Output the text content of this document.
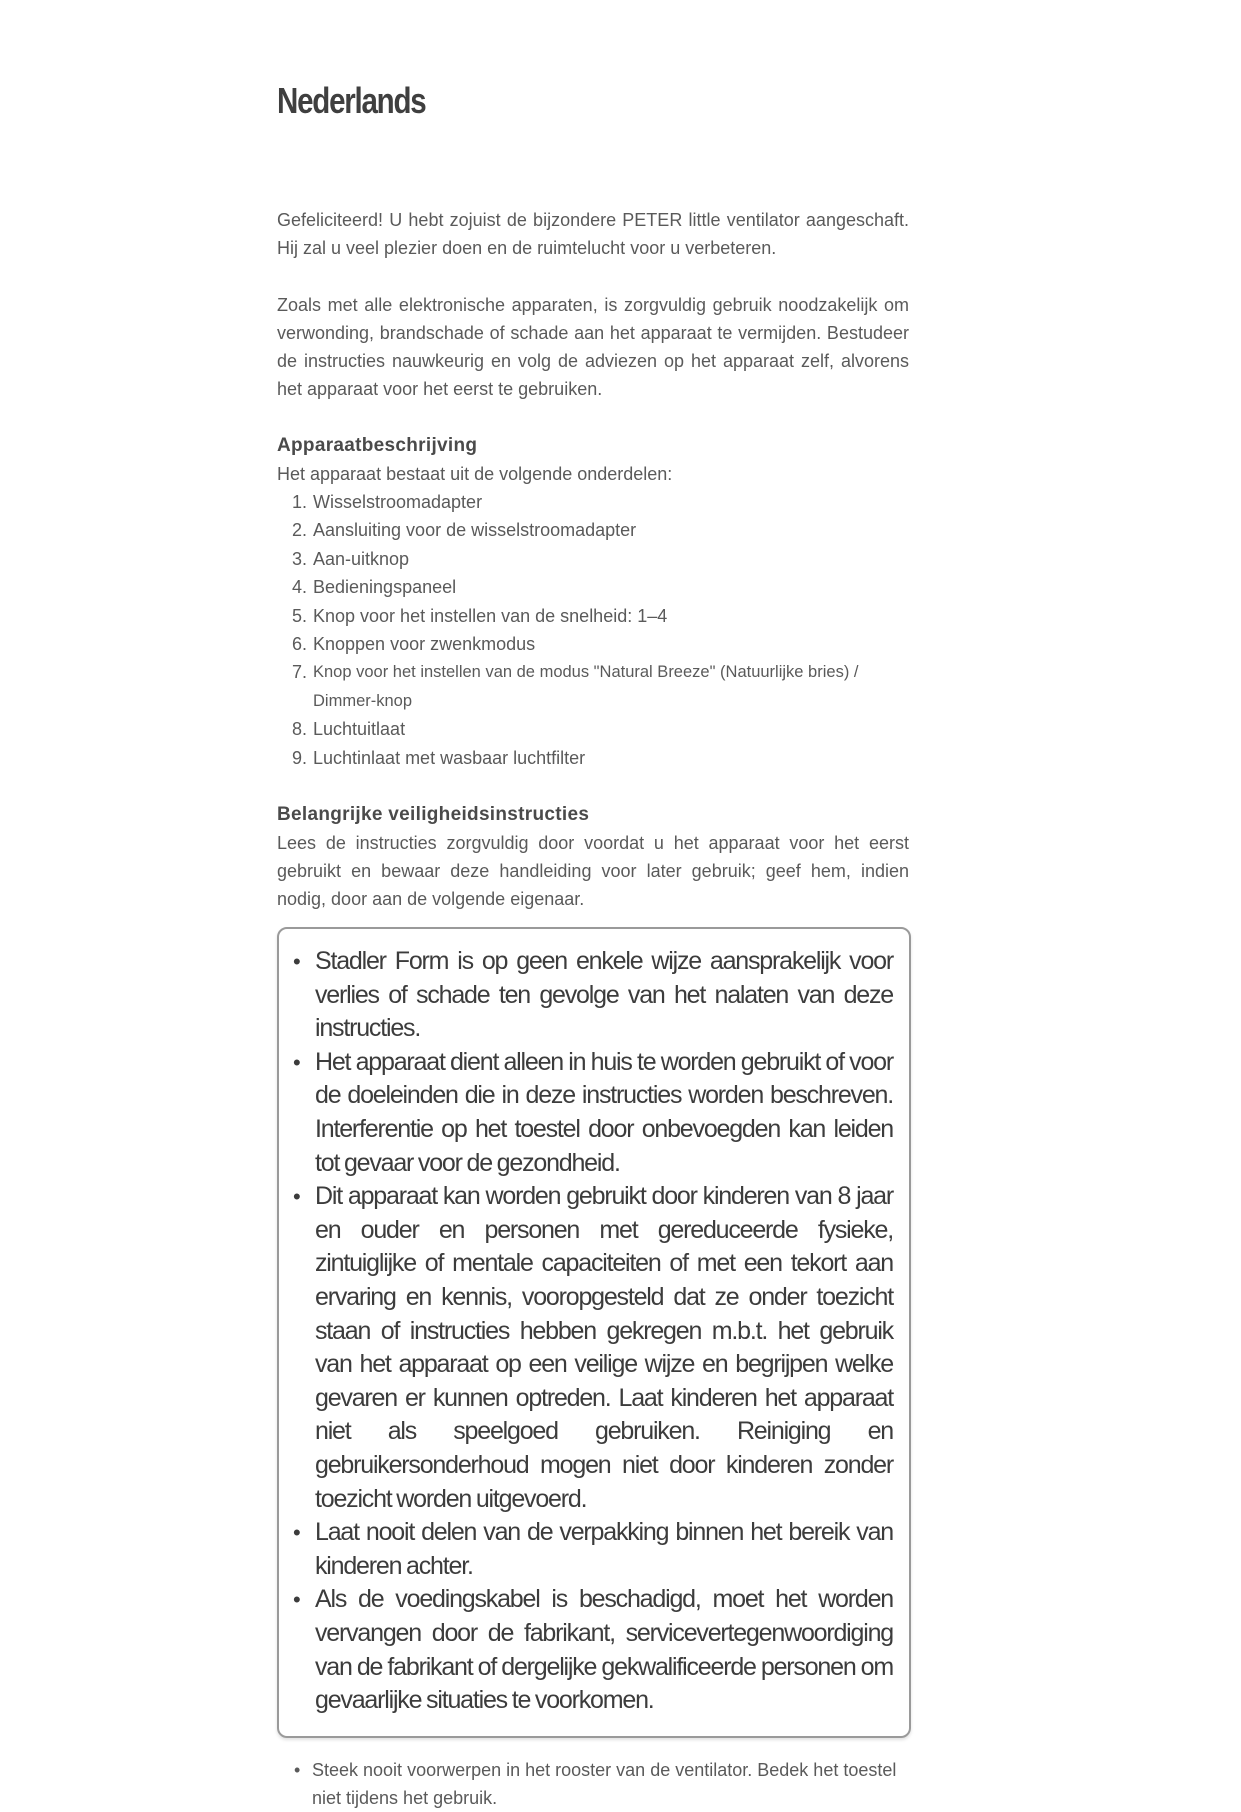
Nederlands

Gefeliciteerd! U hebt zojuist de bijzondere PETER little ventilator aangeschaft. Hij zal u veel plezier doen en de ruimtelucht voor u verbeteren.

Zoals met alle elektronische apparaten, is zorgvuldig gebruik noodzakelijk om verwonding, brandschade of schade aan het apparaat te vermijden. Bestudeer de instructies nauwkeurig en volg de adviezen op het apparaat zelf, alvorens het apparaat voor het eerst te gebruiken.

Apparaatbeschrijving

Het apparaat bestaat uit de volgende onderdelen:

1. Wisselstroomadapter
2. Aansluiting voor de wisselstroomadapter
3. Aan-uitknop
4. Bedieningspaneel
5. Knop voor het instellen van de snelheid: 1–4
6. Knoppen voor zwenkmodus
7. Knop voor het instellen van de modus "Natural Breeze" (Natuurlijke bries) / Dimmer-knop
8. Luchtuitlaat
9. Luchtinlaat met wasbaar luchtfilter
Belangrijke veiligheidsinstructies

Lees de instructies zorgvuldig door voordat u het apparaat voor het eerst gebruikt en bewaar deze handleiding voor later gebruik; geef hem, indien nodig, door aan de volgende eigenaar.

• Stadler Form is op geen enkele wijze aansprakelijk voor verlies of schade ten gevolge van het nalaten van deze instructies.
• Het apparaat dient alleen in huis te worden gebruikt of voor de doeleinden die in deze instructies worden beschreven. Interferentie op het toestel door onbevoegden kan leiden tot gevaar voor de gezondheid.
• Dit apparaat kan worden gebruikt door kinderen van 8 jaar en ouder en personen met gereduceerde fysieke, zintuiglijke of mentale capaciteiten of met een tekort aan ervaring en kennis, vooropgesteld dat ze onder toezicht staan of instructies hebben gekregen m.b.t. het gebruik van het apparaat op een veilige wijze en begrijpen welke gevaren er kunnen optreden. Laat kinderen het apparaat niet als speelgoed gebruiken. Reiniging en gebruikersonderhoud mogen niet door kinderen zonder toezicht worden uitgevoerd.
• Laat nooit delen van de verpakking binnen het bereik van kinderen achter.
• Als de voedingskabel is beschadigd, moet het worden vervangen door de fabrikant, servicevertegenwoordiging van de fabrikant of dergelijke gekwalificeerde personen om gevaarlijke situaties te voorkomen.
• Steek nooit voorwerpen in het rooster van de ventilator. Bedek het toestel niet tijdens het gebruik.
